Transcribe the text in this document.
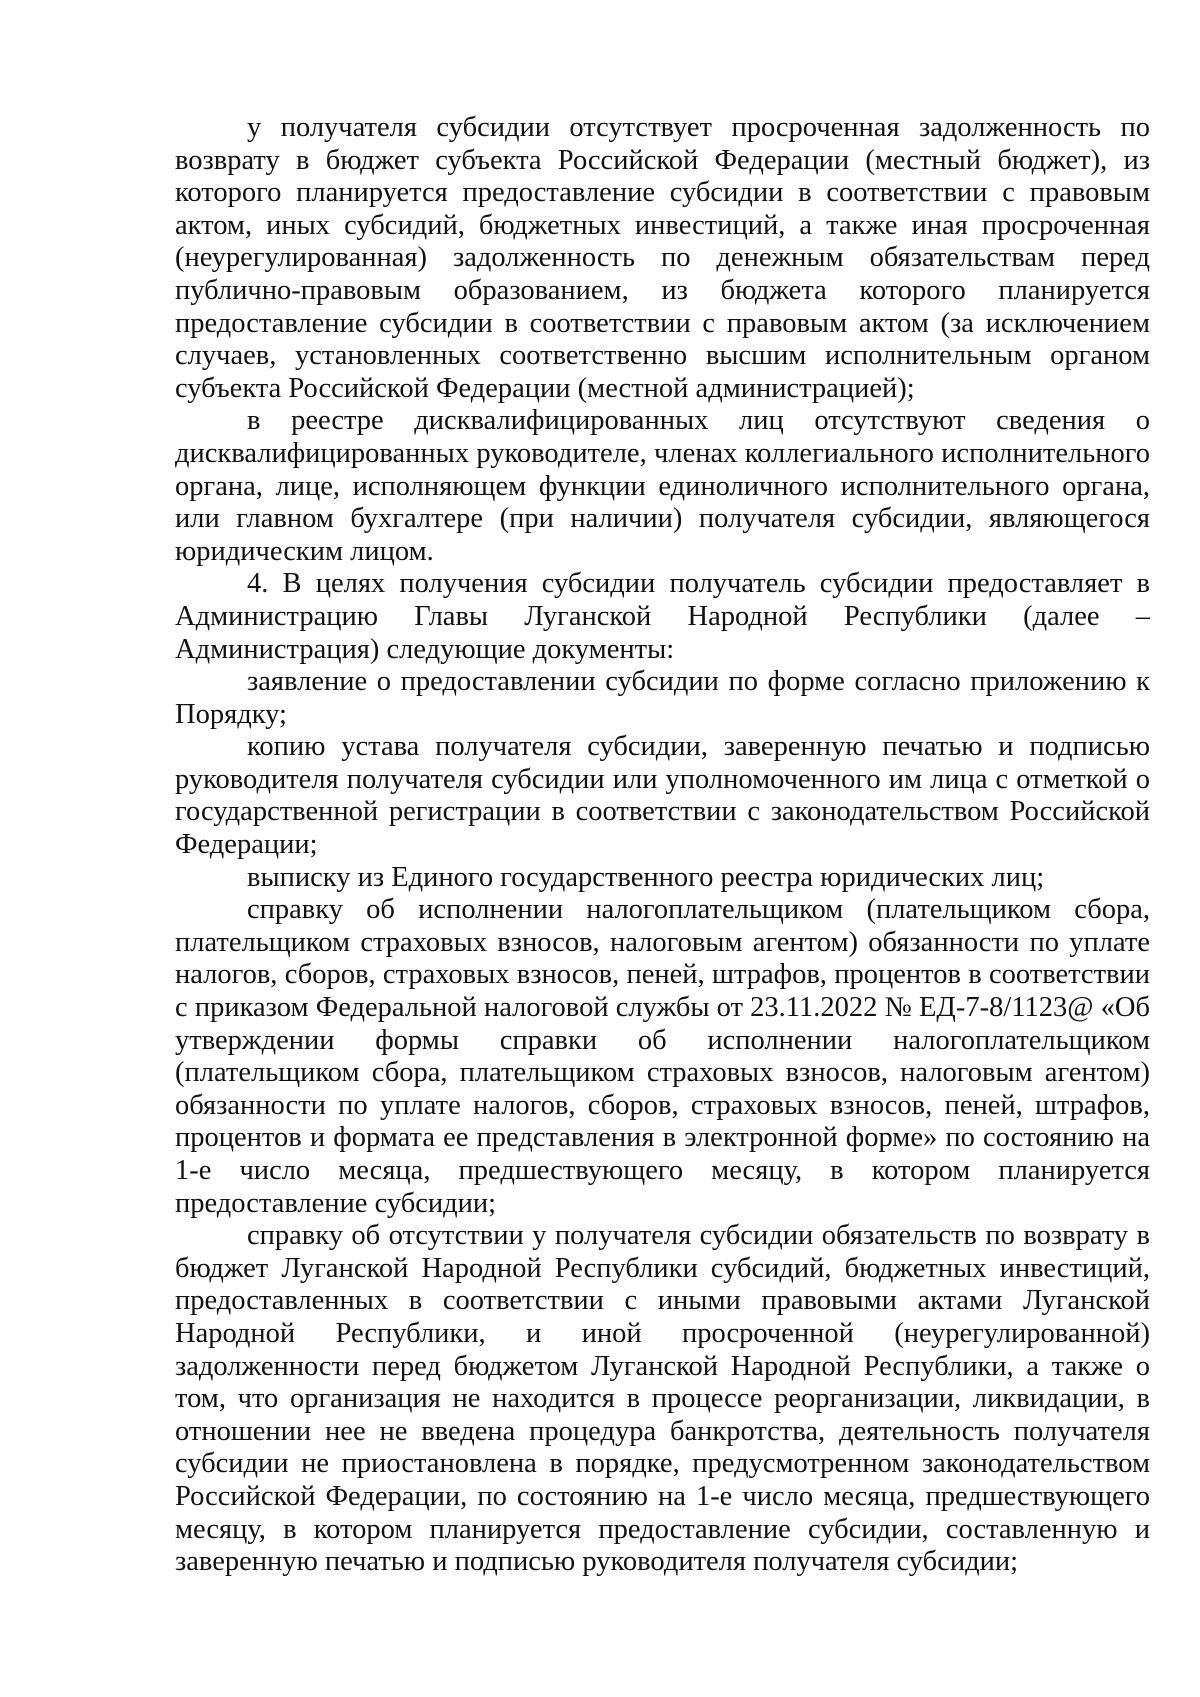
у получателя субсидии отсутствует просроченная задолженность по возврату в бюджет субъекта Российской Федерации (местный бюджет), из которого планируется предоставление субсидии в соответствии с правовым актом, иных субсидий, бюджетных инвестиций, а также иная просроченная (неурегулированная) задолженность по денежным обязательствам перед публично-правовым образованием, из бюджета которого планируется предоставление субсидии в соответствии с правовым актом (за исключением случаев, установленных соответственно высшим исполнительным органом субъекта Российской Федерации (местной администрацией);

в реестре дисквалифицированных лиц отсутствуют сведения о дисквалифицированных руководителе, членах коллегиального исполнительного органа, лице, исполняющем функции единоличного исполнительного органа, или главном бухгалтере (при наличии) получателя субсидии, являющегося юридическим лицом.

4. В целях получения субсидии получатель субсидии предоставляет в Администрацию Главы Луганской Народной Республики (далее – Администрация) следующие документы:

заявление о предоставлении субсидии по форме согласно приложению к Порядку;

копию устава получателя субсидии, заверенную печатью и подписью руководителя получателя субсидии или уполномоченного им лица с отметкой о государственной регистрации в соответствии с законодательством Российской Федерации;

выписку из Единого государственного реестра юридических лиц;

справку об исполнении налогоплательщиком (плательщиком сбора, плательщиком страховых взносов, налоговым агентом) обязанности по уплате налогов, сборов, страховых взносов, пеней, штрафов, процентов в соответствии с приказом Федеральной налоговой службы от 23.11.2022 № ЕД-7-8/1123@ «Об утверждении формы справки об исполнении налогоплательщиком (плательщиком сбора, плательщиком страховых взносов, налоговым агентом) обязанности по уплате налогов, сборов, страховых взносов, пеней, штрафов, процентов и формата ее представления в электронной форме» по состоянию на 1-е число месяца, предшествующего месяцу, в котором планируется предоставление субсидии;

справку об отсутствии у получателя субсидии обязательств по возврату в бюджет Луганской Народной Республики субсидий, бюджетных инвестиций, предоставленных в соответствии с иными правовыми актами Луганской Народной Республики, и иной просроченной (неурегулированной) задолженности перед бюджетом Луганской Народной Республики, а также о том, что организация не находится в процессе реорганизации, ликвидации, в отношении нее не введена процедура банкротства, деятельность получателя субсидии не приостановлена в порядке, предусмотренном законодательством Российской Федерации, по состоянию на 1-е число месяца, предшествующего месяцу, в котором планируется предоставление субсидии, составленную и заверенную печатью и подписью руководителя получателя субсидии;
